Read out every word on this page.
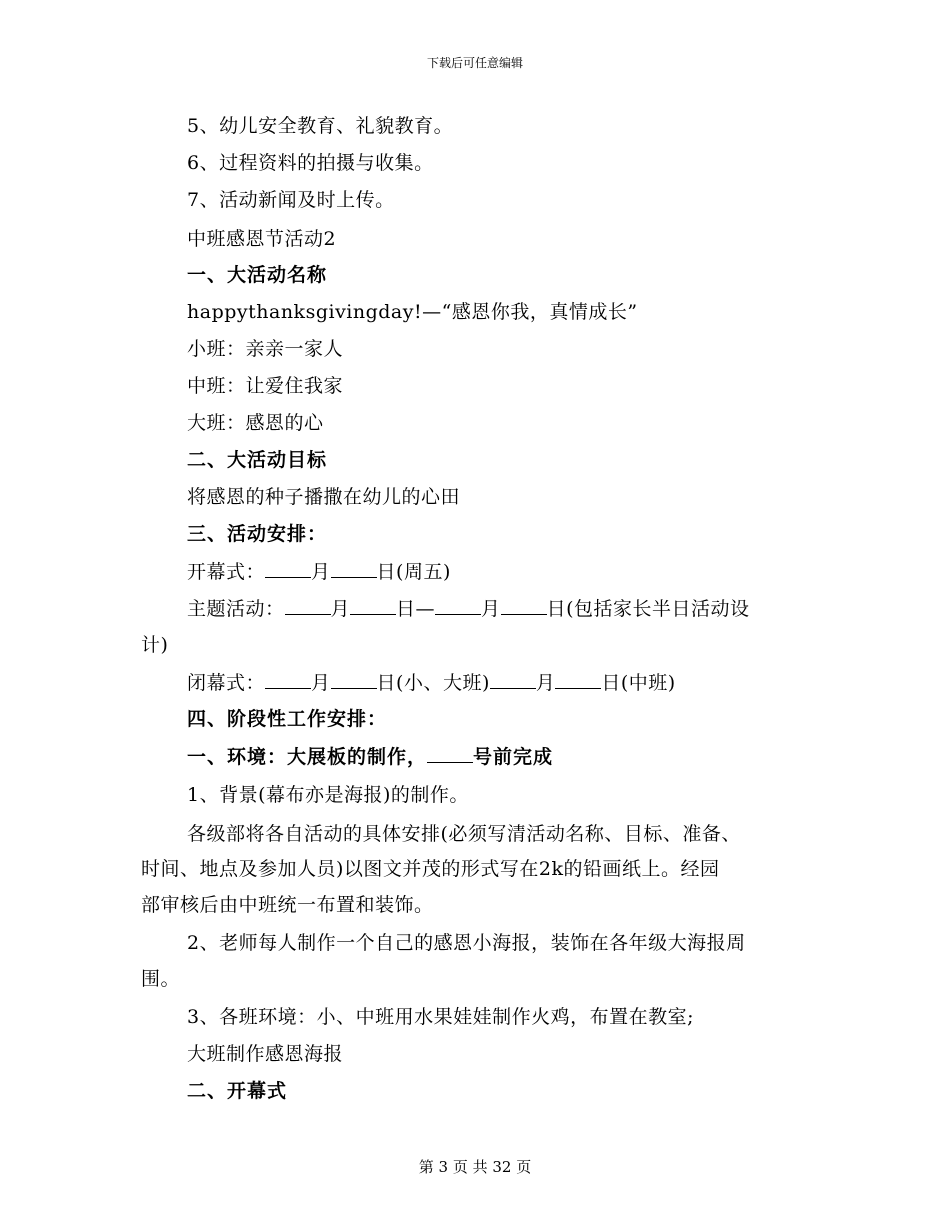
下载后可任意编辑
5、幼儿安全教育、礼貌教育。
6、过程资料的拍摄与收集。
7、活动新闻及时上传。
中班感恩节活动2
一、大活动名称
happythanksgivingday!—“感恩你我，真情成长”
小班：亲亲一家人
中班：让爱住我家
大班：感恩的心
二、大活动目标
将感恩的种子播撒在幼儿的心田
三、活动安排：
开幕式： 月 日(周五)
主题活动： 月 日— 月 日(包括家长半日活动设
计)
闭幕式： 月 日(小、大班) 月 日(中班)
四、阶段性工作安排：
一、环境：大展板的制作， 号前完成
1、背景(幕布亦是海报)的制作。
各级部将各自活动的具体安排(必须写清活动名称、目标、准备、
时间、地点及参加人员)以图文并茂的形式写在2k的铅画纸上。经园
部审核后由中班统一布置和装饰。
2、老师每人制作一个自己的感恩小海报，装饰在各年级大海报周
围。
3、各班环境：小、中班用水果娃娃制作火鸡，布置在教室;
大班制作感恩海报
二、开幕式
第 3 页 共 32 页
